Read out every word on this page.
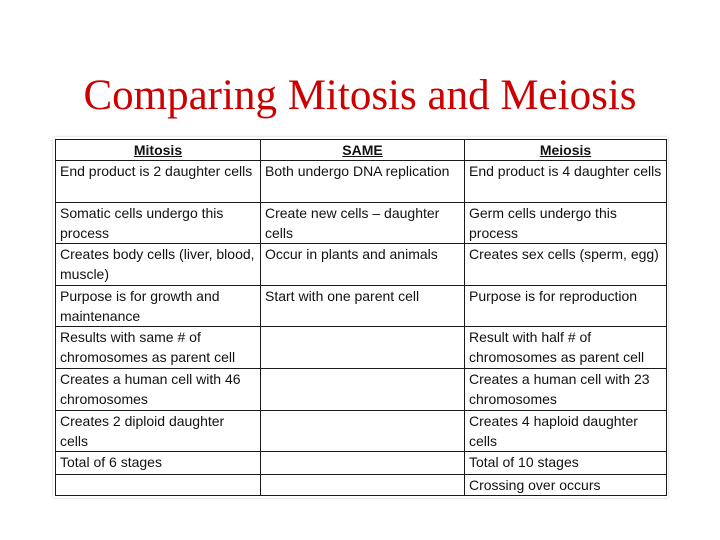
Comparing Mitosis and Meiosis
Mitosis	SAME	Meiosis
End product is 2 daughter cells	Both undergo DNA replication	End product is 4 daughter cells
Somatic cells undergo this process	Create new cells – daughter cells	Germ cells undergo this process
Creates body cells (liver, blood, muscle)	Occur in plants and animals	Creates sex cells (sperm, egg)
Purpose is for growth and maintenance	Start with one parent cell	Purpose is for reproduction
Results with same # of chromosomes as parent cell		Result with half # of chromosomes as parent cell
Creates a human cell with 46 chromosomes		Creates a human cell with 23 chromosomes
Creates 2 diploid daughter cells		Creates 4 haploid daughter cells
Total of 6 stages		Total of 10 stages
		Crossing over occurs
